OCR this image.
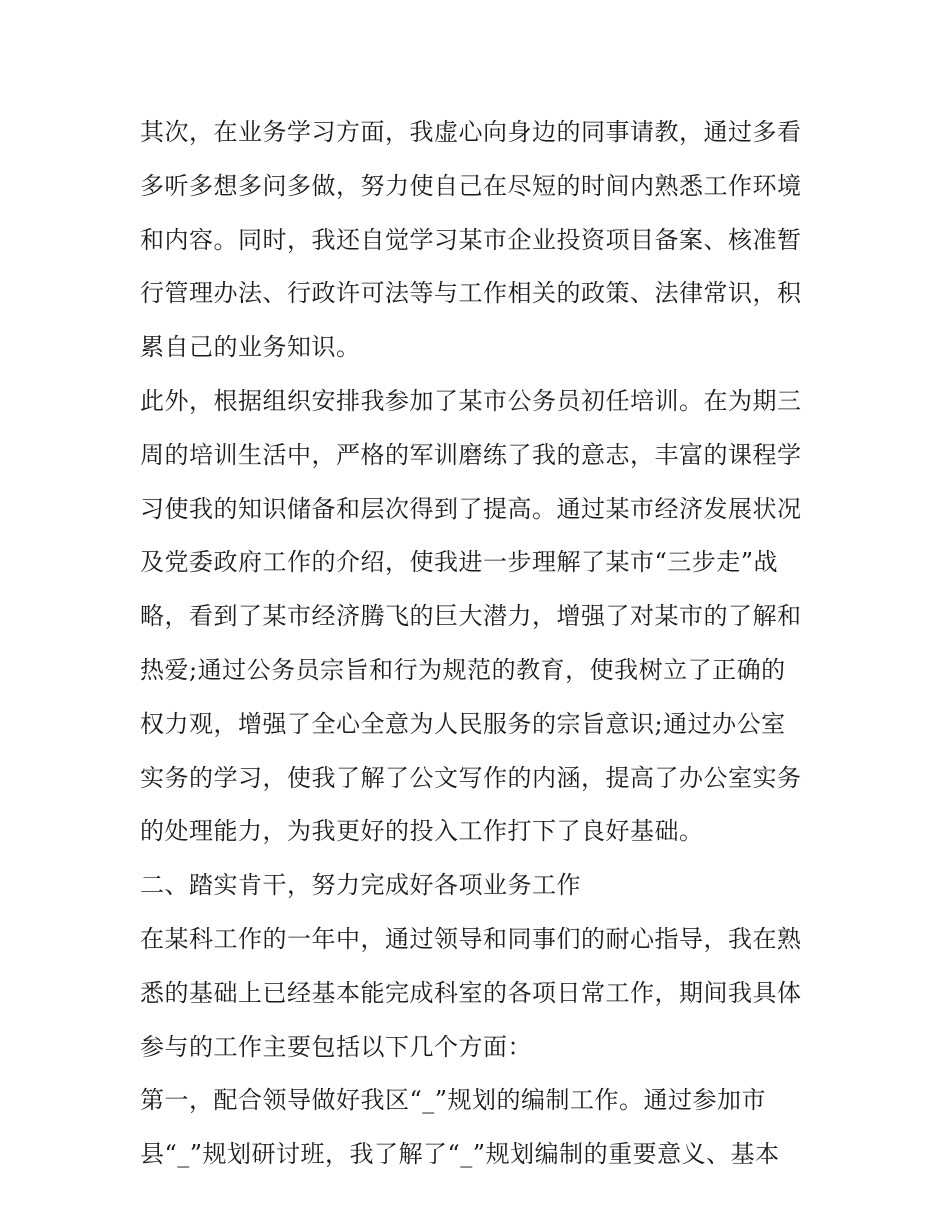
其次，在业务学习方面，我虚心向身边的同事请教，通过多看
多听多想多问多做，努力使自己在尽短的时间内熟悉工作环境
和内容。同时，我还自觉学习某市企业投资项目备案、核准暂
行管理办法、行政许可法等与工作相关的政策、法律常识，积
累自己的业务知识。
此外，根据组织安排我参加了某市公务员初任培训。在为期三
周的培训生活中，严格的军训磨练了我的意志，丰富的课程学
习使我的知识储备和层次得到了提高。通过某市经济发展状况
及党委政府工作的介绍，使我进一步理解了某市“三步走”战
略，看到了某市经济腾飞的巨大潜力，增强了对某市的了解和
热爱;通过公务员宗旨和行为规范的教育，使我树立了正确的
权力观，增强了全心全意为人民服务的宗旨意识;通过办公室
实务的学习，使我了解了公文写作的内涵，提高了办公室实务
的处理能力，为我更好的投入工作打下了良好基础。
二、踏实肯干，努力完成好各项业务工作
在某科工作的一年中，通过领导和同事们的耐心指导，我在熟
悉的基础上已经基本能完成科室的各项日常工作，期间我具体
参与的工作主要包括以下几个方面：
第一，配合领导做好我区“_”规划的编制工作。通过参加市
县“_”规划研讨班，我了解了“_”规划编制的重要意义、基本
